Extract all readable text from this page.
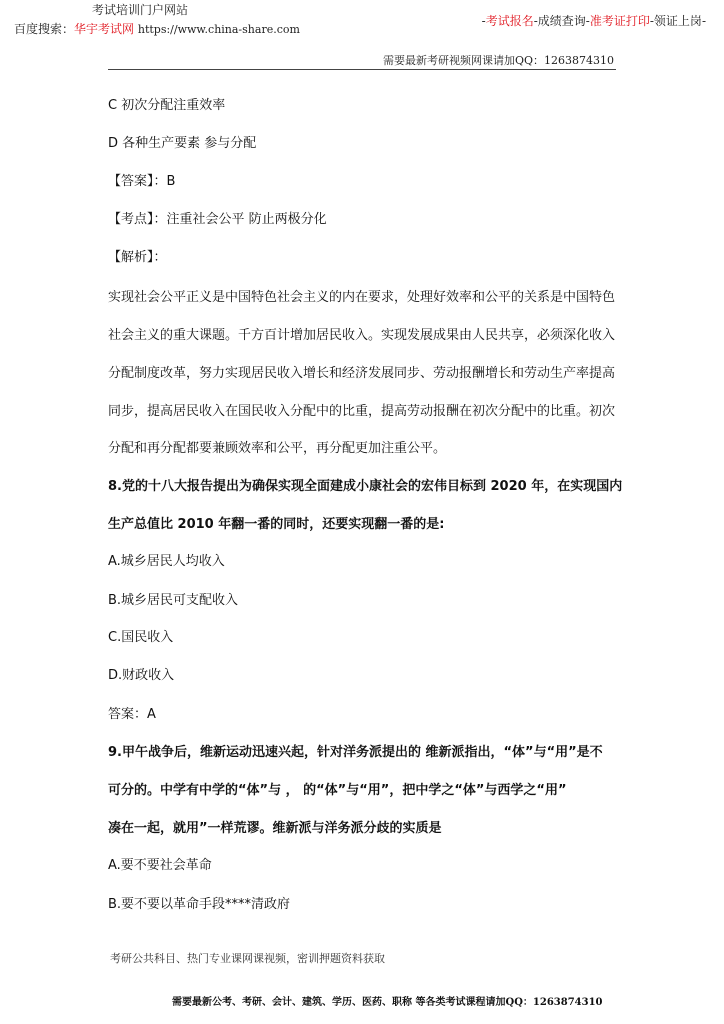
考试培训门户网站
百度搜索：华宇考试网 https://www.china-share.com
-考试报名-成绩查询-准考证打印-领证上岗-
需要最新考研视频网课请加QQ：1263874310
C 初次分配注重效率
D 各种生产要素 参与分配
【答案】：B
【考点】：注重社会公平 防止两极分化
【解析】：
实现社会公平正义是中国特色社会主义的内在要求，处理好效率和公平的关系是中国特色
社会主义的重大课题。千方百计增加居民收入。实现发展成果由人民共享，必须深化收入
分配制度改革，努力实现居民收入增长和经济发展同步、劳动报酬增长和劳动生产率提高
同步，提高居民收入在国民收入分配中的比重，提高劳动报酬在初次分配中的比重。初次
分配和再分配都要兼顾效率和公平，再分配更加注重公平。
8.党的十八大报告提出为确保实现全面建成小康社会的宏伟目标到 2020 年，在实现国内
生产总值比 2010 年翻一番的同时，还要实现翻一番的是:
A.城乡居民人均收入
B.城乡居民可支配收入
C.国民收入
D.财政收入
答案：A
9.甲午战争后，维新运动迅速兴起，针对洋务派提出的 维新派指出，“体”与“用”是不
可分的。中学有中学的“体”与 ， 的“体”与“用”，把中学之“体”与西学之“用”
凑在一起，就用”一样荒谬。维新派与洋务派分歧的实质是
A.要不要社会革命
B.要不要以革命手段****清政府
考研公共科目、热门专业课网课视频，密训押题资料获取
需要最新公考、考研、会计、建筑、学历、医药、职称 等各类考试课程请加QQ：1263874310
